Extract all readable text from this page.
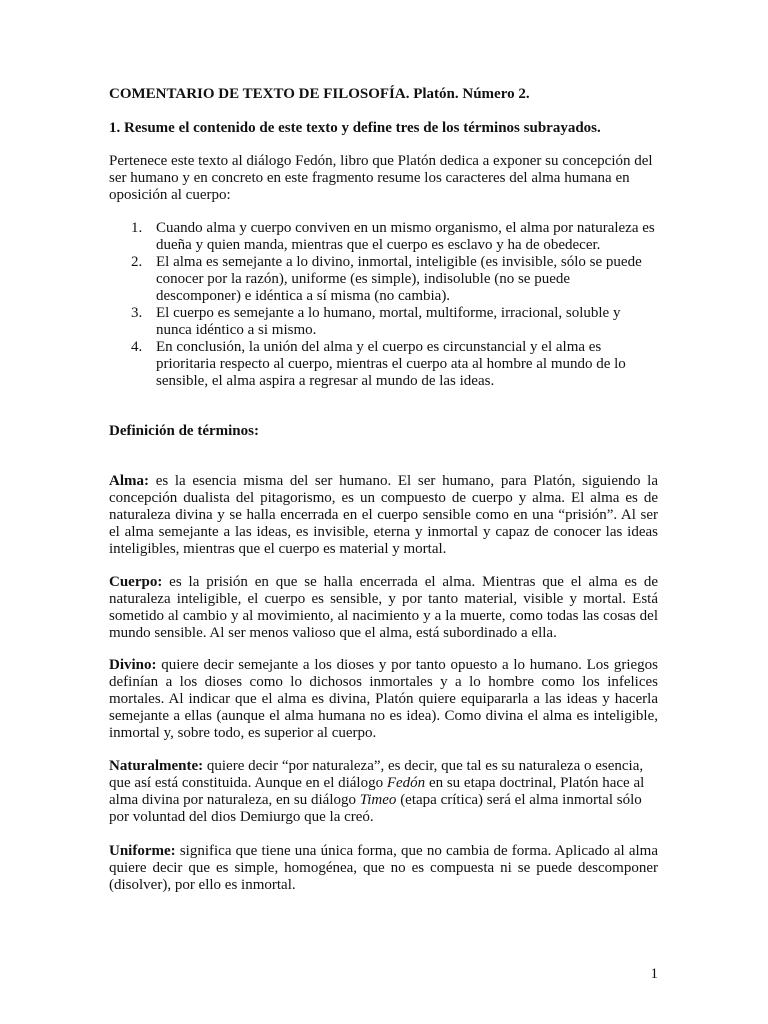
COMENTARIO DE TEXTO DE FILOSOFÍA. Platón. Número 2.

1. Resume el contenido de este texto y define tres de los términos subrayados.

Pertenece este texto al diálogo Fedón, libro que Platón dedica a exponer su concepción del ser humano y en concreto en este fragmento resume los caracteres del alma humana en oposición al cuerpo:

1. Cuando alma y cuerpo conviven en un mismo organismo, el alma por naturaleza es dueña y quien manda, mientras que el cuerpo es esclavo y ha de obedecer.
2. El alma es semejante a lo divino, inmortal, inteligible (es invisible, sólo se puede conocer por la razón), uniforme (es simple), indisoluble (no se puede descomponer) e idéntica a sí misma (no cambia).
3. El cuerpo es semejante a lo humano, mortal, multiforme, irracional, soluble y nunca idéntico a si mismo.
4. En conclusión, la unión del alma y el cuerpo es circunstancial y el alma es prioritaria respecto al cuerpo, mientras el cuerpo ata al hombre al mundo de lo sensible, el alma aspira a regresar al mundo de las ideas.

Definición de términos:

Alma: es la esencia misma del ser humano. El ser humano, para Platón, siguiendo la concepción dualista del pitagorismo, es un compuesto de cuerpo y alma. El alma es de naturaleza divina y se halla encerrada en el cuerpo sensible como en una “prisión”. Al ser el alma semejante a las ideas, es invisible, eterna y inmortal y capaz de conocer las ideas inteligibles, mientras que el cuerpo es material y mortal.

Cuerpo: es la prisión en que se halla encerrada el alma. Mientras que el alma es de naturaleza inteligible, el cuerpo es sensible, y por tanto material, visible y mortal. Está sometido al cambio y al movimiento, al nacimiento y a la muerte, como todas las cosas del mundo sensible. Al ser menos valioso que el alma, está subordinado a ella.

Divino: quiere decir semejante a los dioses y por tanto opuesto a lo humano. Los griegos definían a los dioses como lo dichosos inmortales y a lo hombre como los infelices mortales. Al indicar que el alma es divina, Platón quiere equipararla a las ideas y hacerla semejante a ellas (aunque el alma humana no es idea). Como divina el alma es inteligible, inmortal y, sobre todo, es superior al cuerpo.

Naturalmente: quiere decir “por naturaleza”, es decir, que tal es su naturaleza o esencia, que así está constituida. Aunque en el diálogo Fedón en su etapa doctrinal, Platón hace al alma divina por naturaleza, en su diálogo Timeo (etapa crítica) será el alma inmortal sólo por voluntad del dios Demiurgo que la creó.

Uniforme: significa que tiene una única forma, que no cambia de forma. Aplicado al alma quiere decir que es simple, homogénea, que no es compuesta ni se puede descomponer (disolver), por ello es inmortal.

1
